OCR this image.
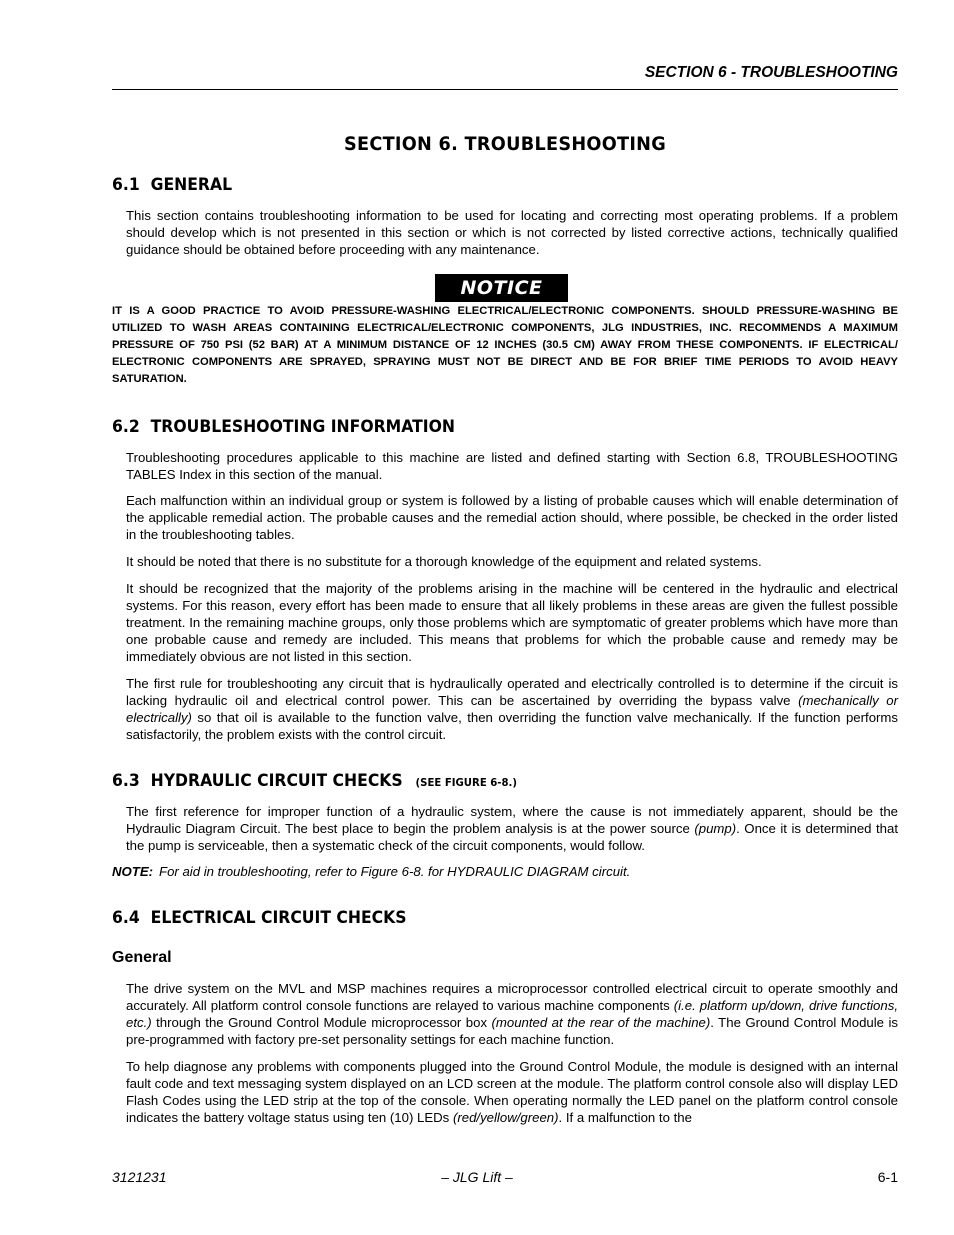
SECTION 6 - TROUBLESHOOTING
SECTION 6. TROUBLESHOOTING
6.1 GENERAL

This section contains troubleshooting information to be used for locating and correcting most operating problems. If a problem should develop which is not presented in this section or which is not corrected by listed corrective actions, technically qualified guidance should be obtained before proceeding with any maintenance.

NOTICE

IT IS A GOOD PRACTICE TO AVOID PRESSURE-WASHING ELECTRICAL/ELECTRONIC COMPONENTS. SHOULD PRESSURE-WASHING BE UTILIZED TO WASH AREAS CONTAINING ELECTRICAL/ELECTRONIC COMPONENTS, JLG INDUSTRIES, INC. RECOMMENDS A MAXIMUM PRESSURE OF 750 PSI (52 BAR) AT A MINIMUM DISTANCE OF 12 INCHES (30.5 CM) AWAY FROM THESE COMPONENTS. IF ELECTRICAL/ ELECTRONIC COMPONENTS ARE SPRAYED, SPRAYING MUST NOT BE DIRECT AND BE FOR BRIEF TIME PERIODS TO AVOID HEAVY SATURATION.

6.2 TROUBLESHOOTING INFORMATION

Troubleshooting procedures applicable to this machine are listed and defined starting with Section 6.8, TROUBLESHOOTING TABLES Index in this section of the manual.

Each malfunction within an individual group or system is followed by a listing of probable causes which will enable determination of the applicable remedial action. The probable causes and the remedial action should, where possible, be checked in the order listed in the troubleshooting tables.

It should be noted that there is no substitute for a thorough knowledge of the equipment and related systems.

It should be recognized that the majority of the problems arising in the machine will be centered in the hydraulic and electrical systems. For this reason, every effort has been made to ensure that all likely problems in these areas are given the fullest possible treatment. In the remaining machine groups, only those problems which are symptomatic of greater problems which have more than one probable cause and remedy are included. This means that problems for which the probable cause and remedy may be immediately obvious are not listed in this section.

The first rule for troubleshooting any circuit that is hydraulically operated and electrically controlled is to determine if the circuit is lacking hydraulic oil and electrical control power. This can be ascertained by overriding the bypass valve (mechanically or electrically) so that oil is available to the function valve, then overriding the function valve mechanically. If the function performs satisfactorily, the problem exists with the control circuit.

6.3 HYDRAULIC CIRCUIT CHECKS (SEE FIGURE 6-8.)

The first reference for improper function of a hydraulic system, where the cause is not immediately apparent, should be the Hydraulic Diagram Circuit. The best place to begin the problem analysis is at the power source (pump). Once it is determined that the pump is serviceable, then a systematic check of the circuit components, would follow.

NOTE: For aid in troubleshooting, refer to Figure 6-8. for HYDRAULIC DIAGRAM circuit.
6.4 ELECTRICAL CIRCUIT CHECKS
General

The drive system on the MVL and MSP machines requires a microprocessor controlled electrical circuit to operate smoothly and accurately. All platform control console functions are relayed to various machine components (i.e. platform up/down, drive functions, etc.) through the Ground Control Module microprocessor box (mounted at the rear of the machine). The Ground Control Module is pre-programmed with factory pre-set personality settings for each machine function.

To help diagnose any problems with components plugged into the Ground Control Module, the module is designed with an internal fault code and text messaging system displayed on an LCD screen at the module. The platform control console also will display LED Flash Codes using the LED strip at the top of the console. When operating normally the LED panel on the platform control console indicates the battery voltage status using ten (10) LEDs (red/yellow/green). If a malfunction to the

3121231	– JLG Lift –	6-1
